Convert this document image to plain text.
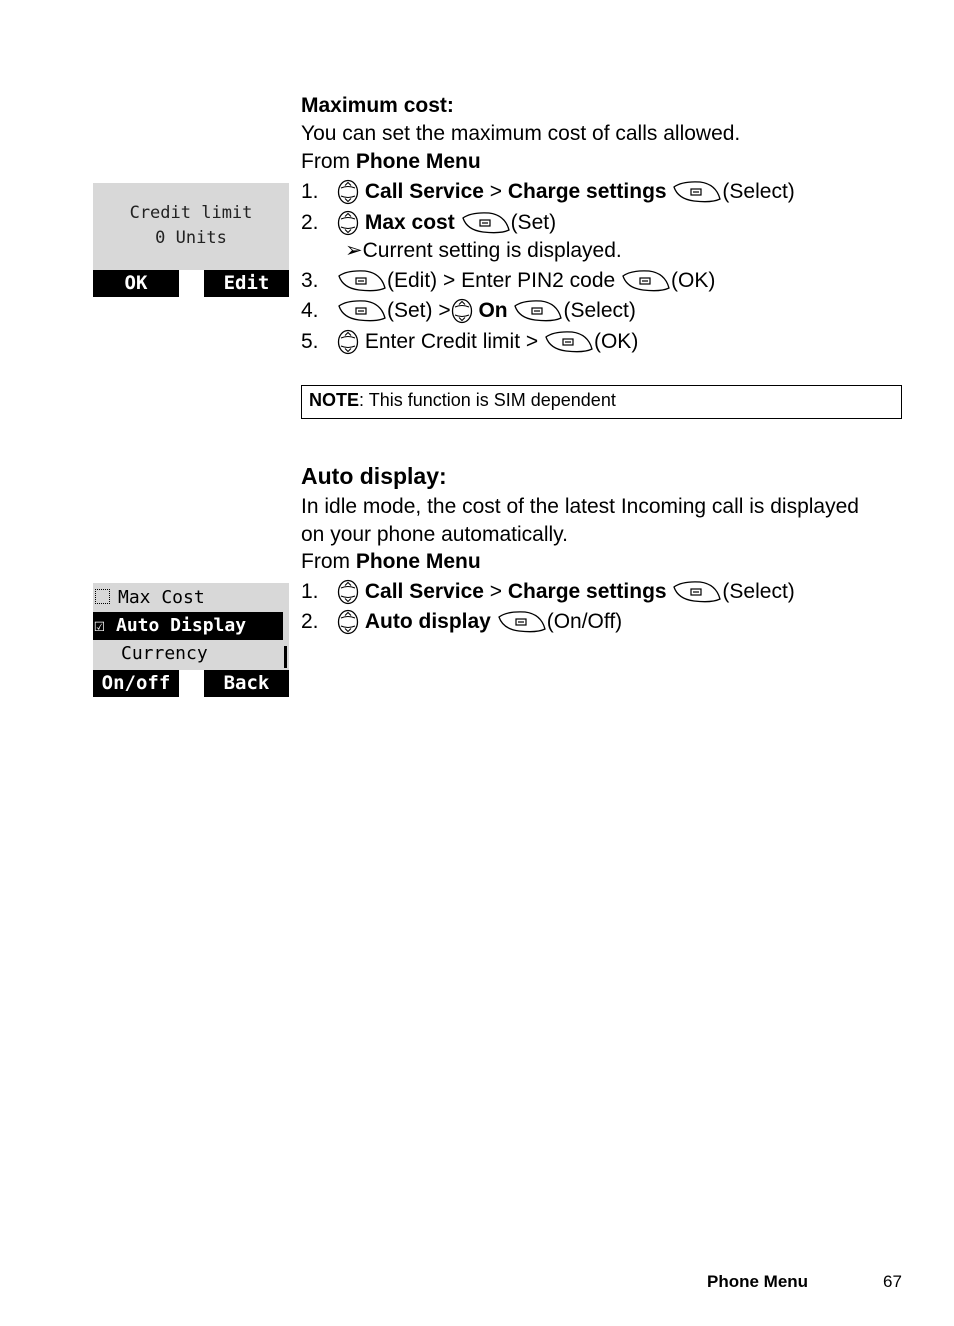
Maximum cost:
You can set the maximum cost of calls allowed.
From Phone Menu
1. Call Service > Charge settings	(Select)
2. Max cost	(Set)
➢Current setting is displayed.
3.	(Edit) > Enter PIN2 code
(OK)
4.	(Set) > On	(Select)
5. Enter Credit limit >
(OK)
NOTE: This function is SIM dependent
Credit limit
0 Units
OK	Edit
Auto display:
In idle mode, the cost of the latest Incoming call is displayed
on your phone automatically.
From Phone Menu
1. Call Service > Charge settings	(Select)
2. Auto display	(On/Off)
Max Cost
☑ Auto Display
Currency
On/off	Back
Phone Menu	67
